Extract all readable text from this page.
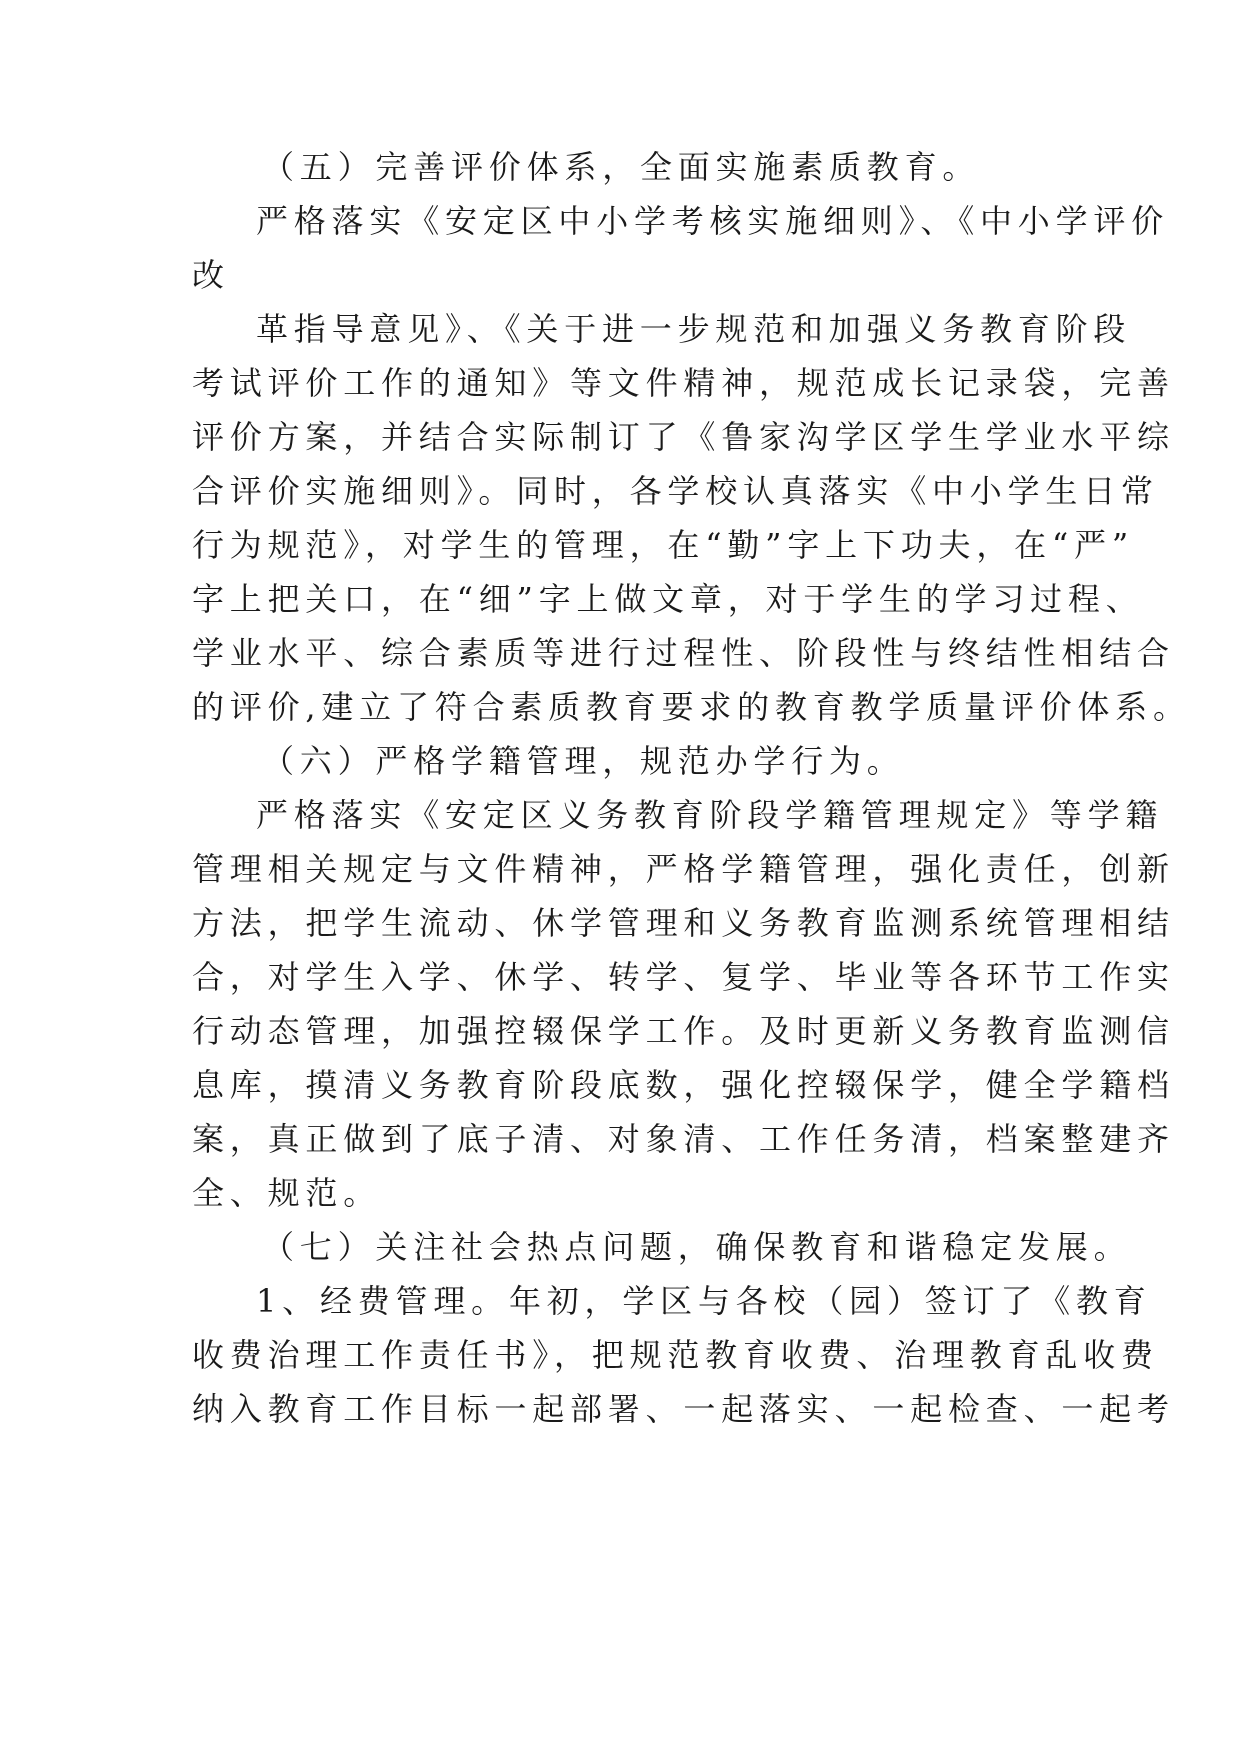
（五）完善评价体系，全面实施素质教育。
严格落实《安定区中小学考核实施细则》、《中小学评价
改
革指导意见》、《关于进一步规范和加强义务教育阶段
考试评价工作的通知》等文件精神，规范成长记录袋，完善
评价方案，并结合实际制订了《鲁家沟学区学生学业水平综
合评价实施细则》。同时，各学校认真落实《中小学生日常
行为规范》，对学生的管理，在“勤”字上下功夫，在“严”
字上把关口，在“细”字上做文章，对于学生的学习过程、
学业水平、综合素质等进行过程性、阶段性与终结性相结合
的评价,建立了符合素质教育要求的教育教学质量评价体系。
（六）严格学籍管理，规范办学行为。
严格落实《安定区义务教育阶段学籍管理规定》等学籍
管理相关规定与文件精神，严格学籍管理，强化责任，创新
方法，把学生流动、休学管理和义务教育监测系统管理相结
合，对学生入学、休学、转学、复学、毕业等各环节工作实
行动态管理，加强控辍保学工作。及时更新义务教育监测信
息库，摸清义务教育阶段底数，强化控辍保学，健全学籍档
案，真正做到了底子清、对象清、工作任务清，档案整建齐
全、规范。
（七）关注社会热点问题，确保教育和谐稳定发展。
1、经费管理。年初，学区与各校（园）签订了《教育
收费治理工作责任书》，把规范教育收费、治理教育乱收费
纳入教育工作目标一起部署、一起落实、一起检查、一起考
